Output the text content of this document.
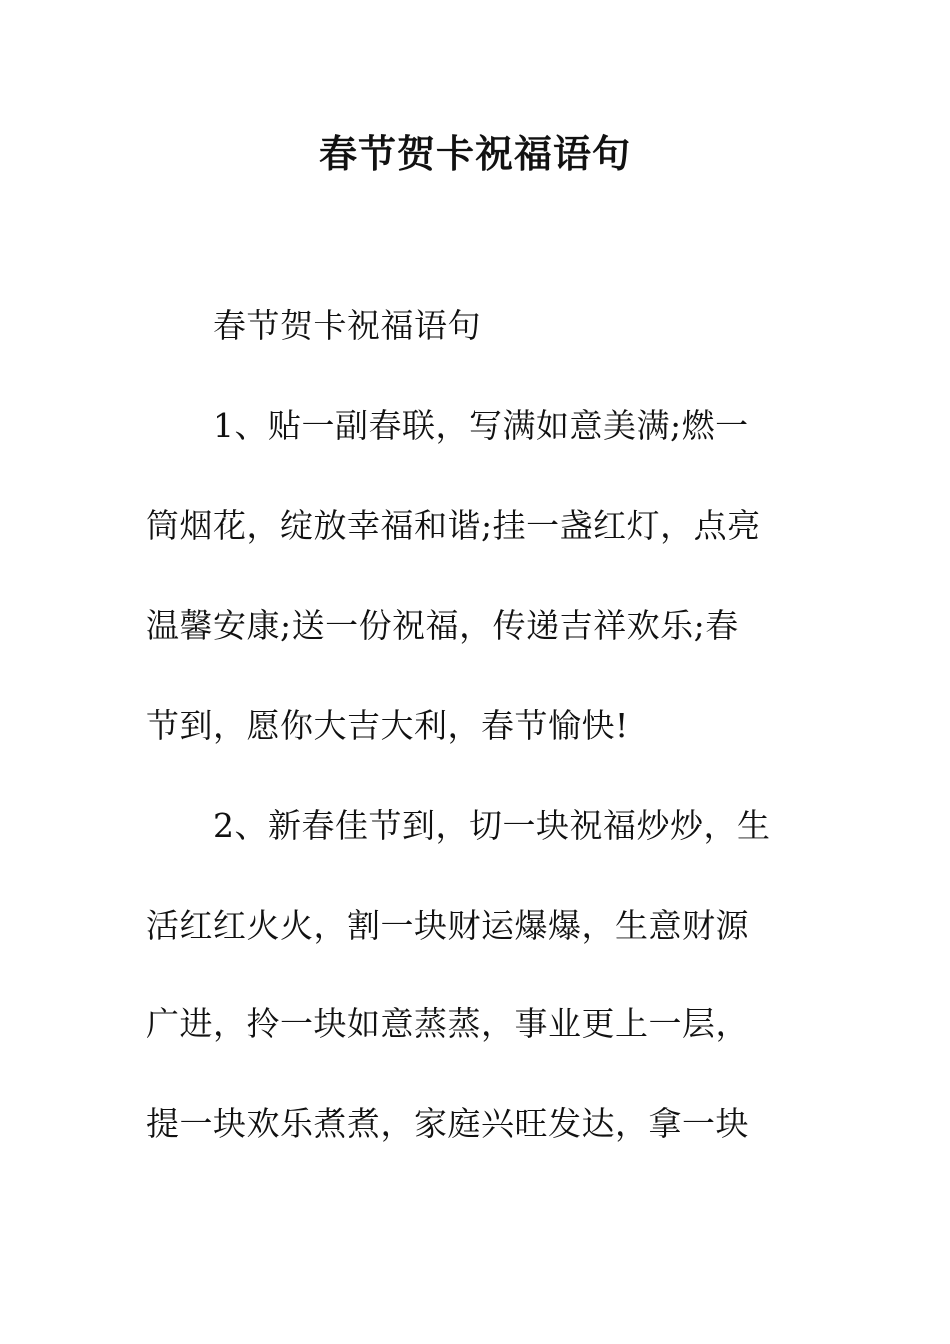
春节贺卡祝福语句
春节贺卡祝福语句
1、贴一副春联，写满如意美满;燃一
筒烟花，绽放幸福和谐;挂一盏红灯，点亮
温馨安康;送一份祝福，传递吉祥欢乐;春
节到，愿你大吉大利，春节愉快!
2、新春佳节到，切一块祝福炒炒，生
活红红火火，割一块财运爆爆，生意财源
广进，拎一块如意蒸蒸，事业更上一层，
提一块欢乐煮煮，家庭兴旺发达，拿一块
